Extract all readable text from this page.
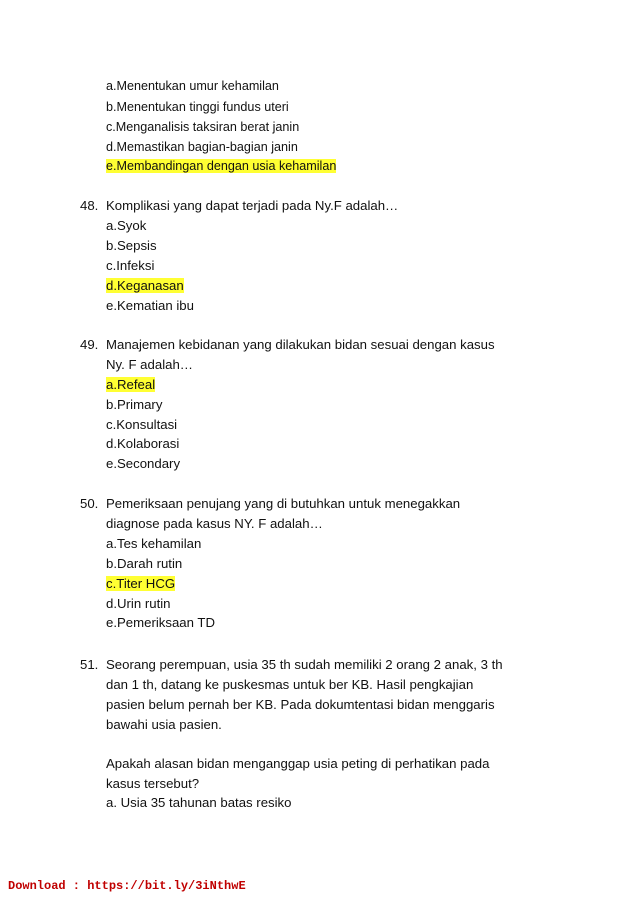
a.Menentukan umur kehamilan
b.Menentukan tinggi fundus uteri
c.Menganalisis taksiran berat janin
d.Memastikan bagian-bagian janin
e.Membandingan dengan usia kehamilan
48. Komplikasi yang dapat terjadi pada Ny.F adalah…
a.Syok
b.Sepsis
c.Infeksi
d.Keganasan
e.Kematian ibu
49. Manajemen kebidanan yang dilakukan bidan sesuai dengan kasus
Ny. F adalah…
a.Refeal
b.Primary
c.Konsultasi
d.Kolaborasi
e.Secondary
50. Pemeriksaan penujang yang di butuhkan untuk menegakkan
diagnose pada kasus NY. F adalah…
a.Tes kehamilan
b.Darah rutin
c.Titer HCG
d.Urin rutin
e.Pemeriksaan TD
51. Seorang perempuan, usia 35 th sudah memiliki 2 orang 2 anak, 3 th
dan 1 th, datang ke puskesmas untuk ber KB. Hasil pengkajian
pasien belum pernah ber KB. Pada dokumtentasi bidan menggaris
bawahi usia pasien.
Apakah alasan bidan menganggap usia peting di perhatikan pada
kasus tersebut?
a. Usia 35 tahunan batas resiko
Download : https://bit.ly/3iNthwE
